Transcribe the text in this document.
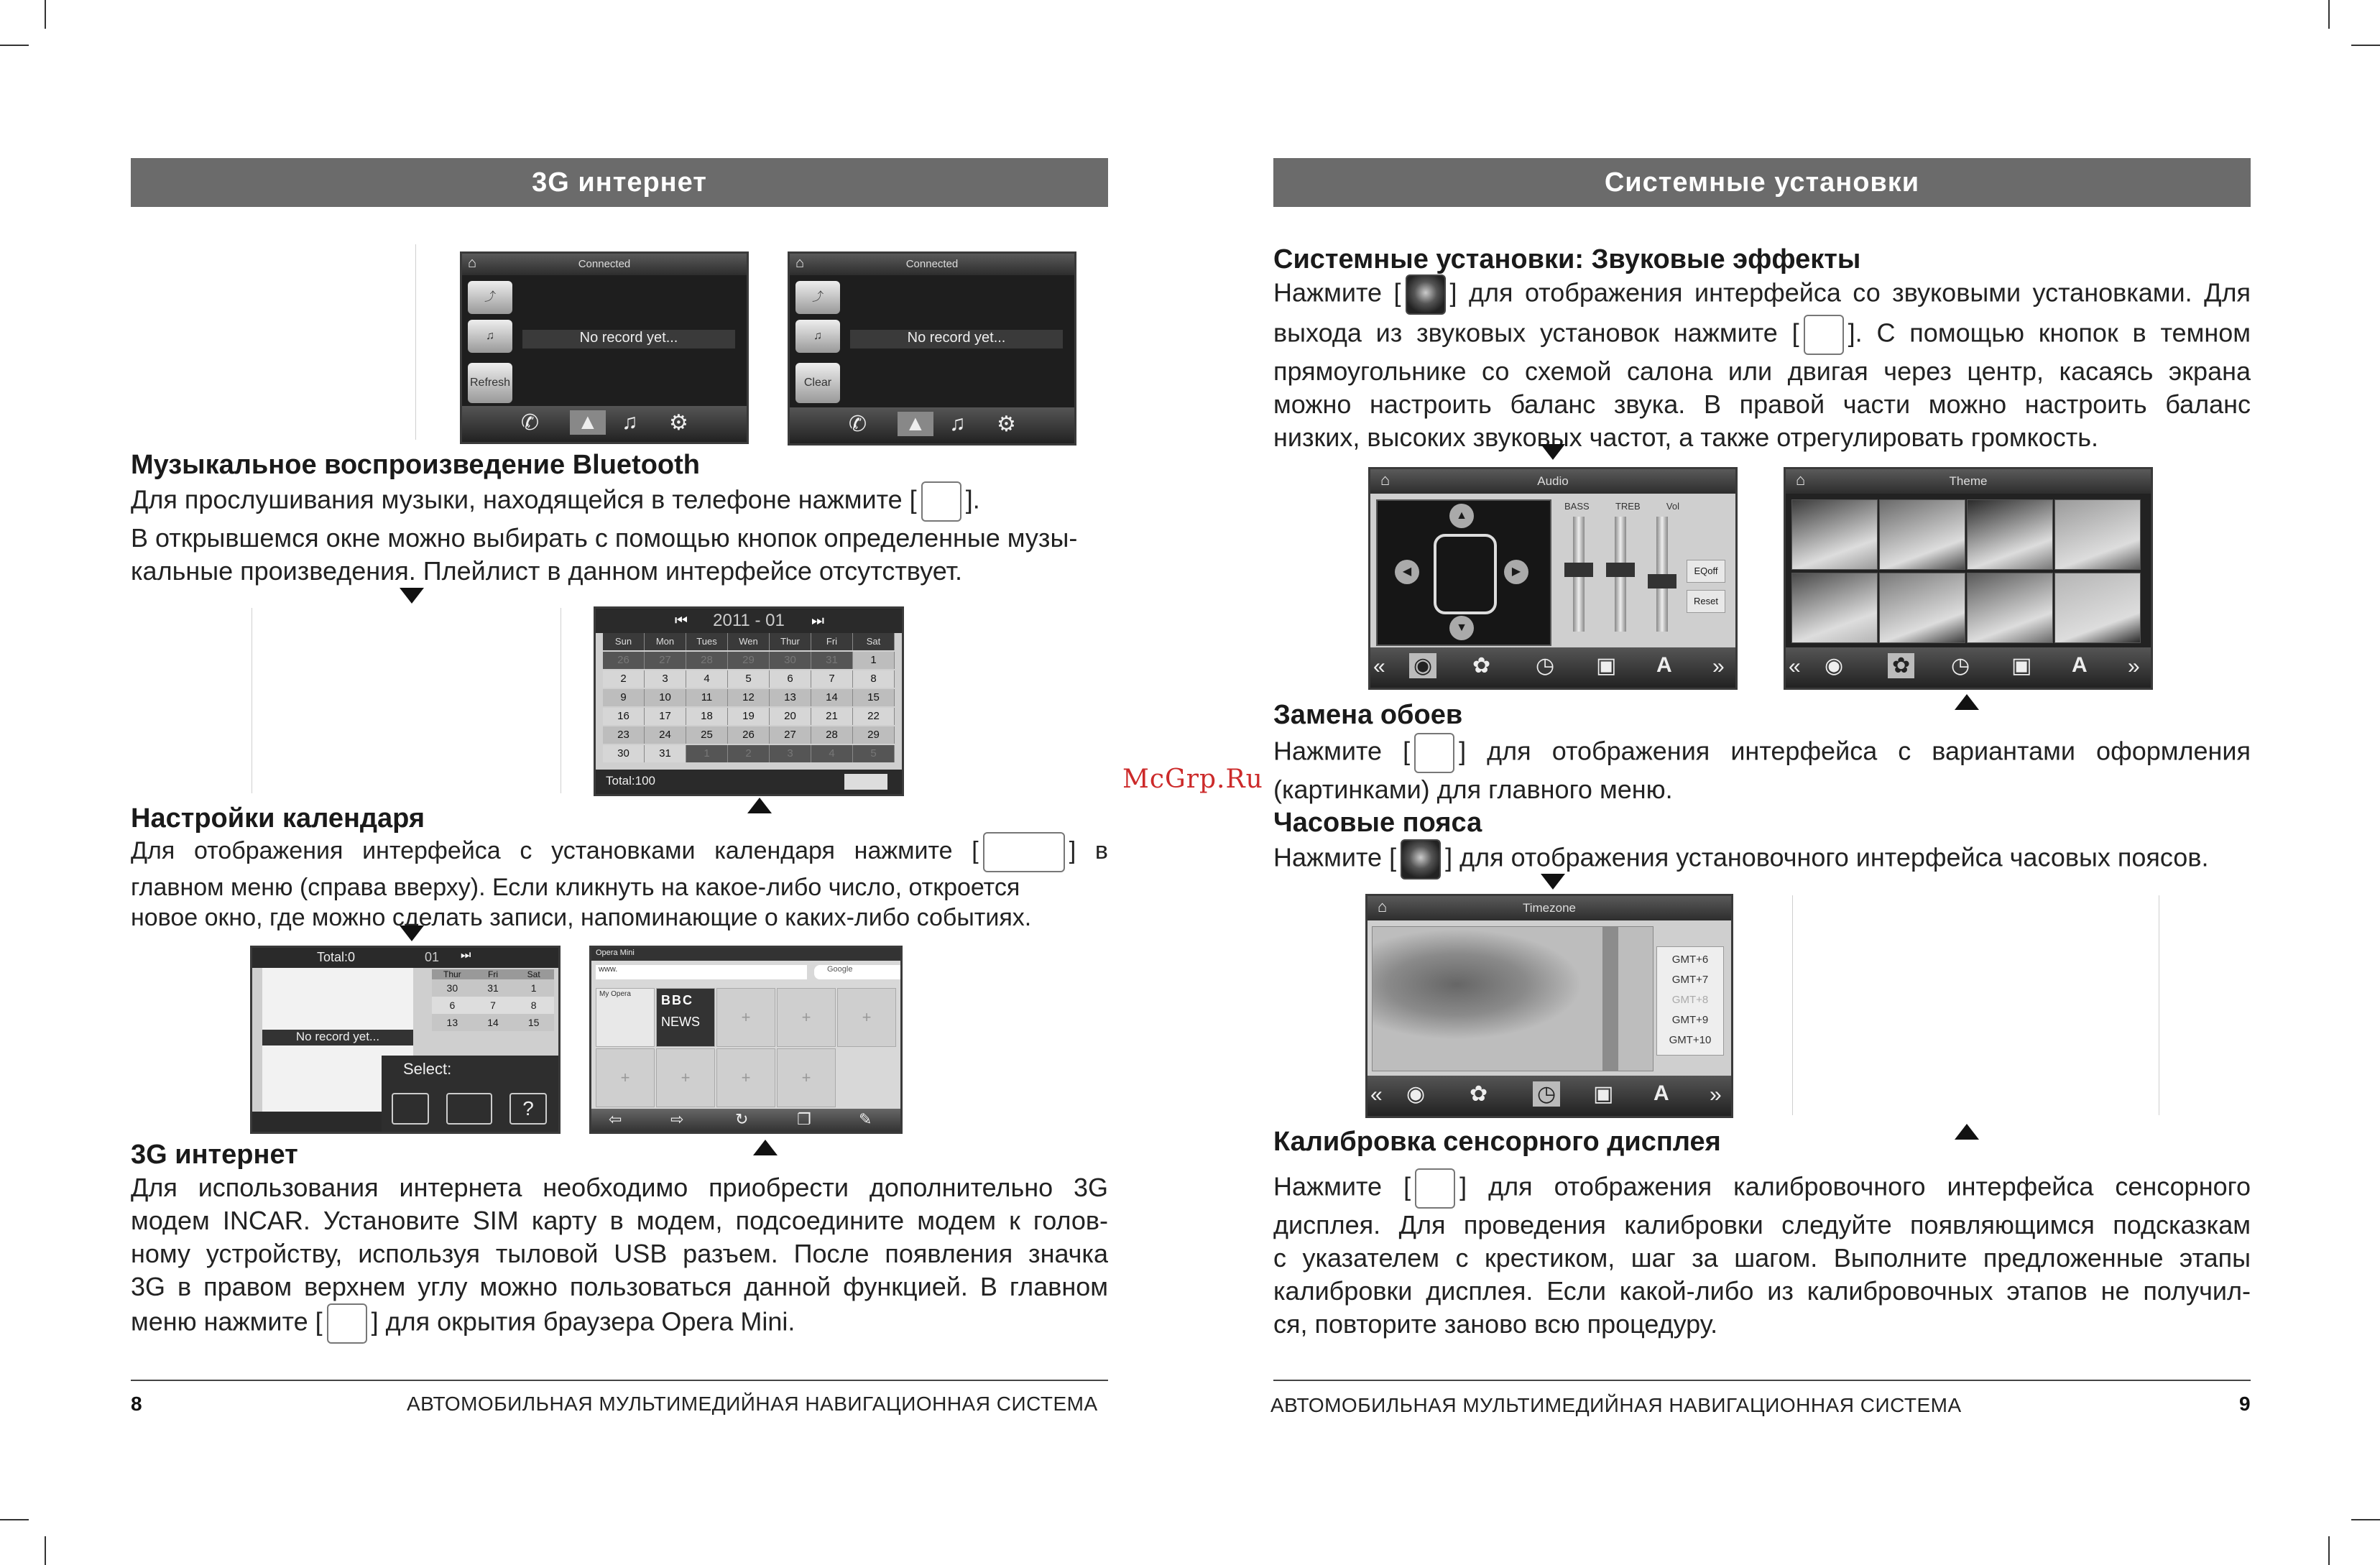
3G интернет
Connected
⌂
⤴
♫
Refresh
No record yet...
✆	▲	♫ ⚙
Connected
⌂
⤴
♫
Clear
No record yet...
✆	▲	♫ ⚙
Музыкальное воспроизведение Bluetooth
Для прослушивания музыки, находящейся в телефоне нажмите [ ].
В открывшемся окне можно выбирать с помощью кнопок определенные музы-
кальные произведения. Плейлист в данном интерфейсе отсутствует.
⏮ 2011 - 01 ⏭
Sun	Mon	Tues	Wen	Thur	Fri	Sat
26	27	28	29	30	31	1
2	3	4	5	6	7	8
9	10	11	12	13	14	15
16	17	18	19	20	21	22
23	24	25	26	27	28	29
30	31	1	2	3	4	5
Total:100
Настройки календаря
Для отображения интерфейса с установками календаря нажмите [	] в
главном меню (справа вверху). Если кликнуть на какое-либо число, откроется
новое окно, где можно сделать записи, напоминающие о каких-либо событиях.
Total:0	01 ⏭
No record yet...
Thur	Fri	Sat
30	31	1
6	7	8
13	14	15
Select:
?
Opera Mini
www.	Google
My Opera BBC
NEWS	+	+	+
+	+	+	+
⇦	⇨	↻	❐	✎
3G интернет
Для использования интернета необходимо приобрести дополнительно 3G
модем INCAR. Установите SIM карту в модем, подсоедините модем к голов-
ному устройству, используя тыловой USB разъем. После появления значка
3G в правом верхнем углу можно пользоваться данной функцией. В главном
меню нажмите [ ] для окрытия браузера Opera Mini.
8	АВТОМОБИЛЬНАЯ МУЛЬТИМЕДИЙНАЯ НАВИГАЦИОННАЯ СИСТЕМА
McGrp.Ru
Системные установки
Системные установки: Звуковые эффекты
Нажмите [ ] для отображения интерфейса со звуковыми установками. Для
выхода из звуковых установок нажмите [ ]. С помощью кнопок в темном
прямоугольнике со схемой салона или двигая через центр, касаясь экрана
можно настроить баланс звука. В правой части можно настроить баланс
низких, высоких звуковых частот, а также отрегулировать громкость.
Audio
⌂
▲
▼
◀	▶
BASS	TREB	Vol
EQoff
Reset
« ◉ ✿ ◷ ▣ A »
Theme
⌂
« ◉ ✿ ◷ ▣ A »
Замена обоев
Нажмите [ ] для отображения интерфейса с вариантами оформления
(картинками) для главного меню.
Часовые пояса
Нажмите [ ] для отображения установочного интерфейса часовых поясов.
Timezone
⌂
GMT+6
GMT+7
GMT+8
GMT+9
GMT+10
« ◉ ✿ ◷ ▣ A »
Калибровка сенсорного дисплея
Нажмите [ ] для отображения калибровочного интерфейса сенсорного
дисплея. Для проведения калибровки следуйте появляющимся подсказкам
с указателем с крестиком, шаг за шагом. Выполните предложенные этапы
калибровки дисплея. Если какой-либо из калибровочных этапов не получил-
ся, повторите заново всю процедуру.
АВТОМОБИЛЬНАЯ МУЛЬТИМЕДИЙНАЯ НАВИГАЦИОННАЯ СИСТЕМА	9
